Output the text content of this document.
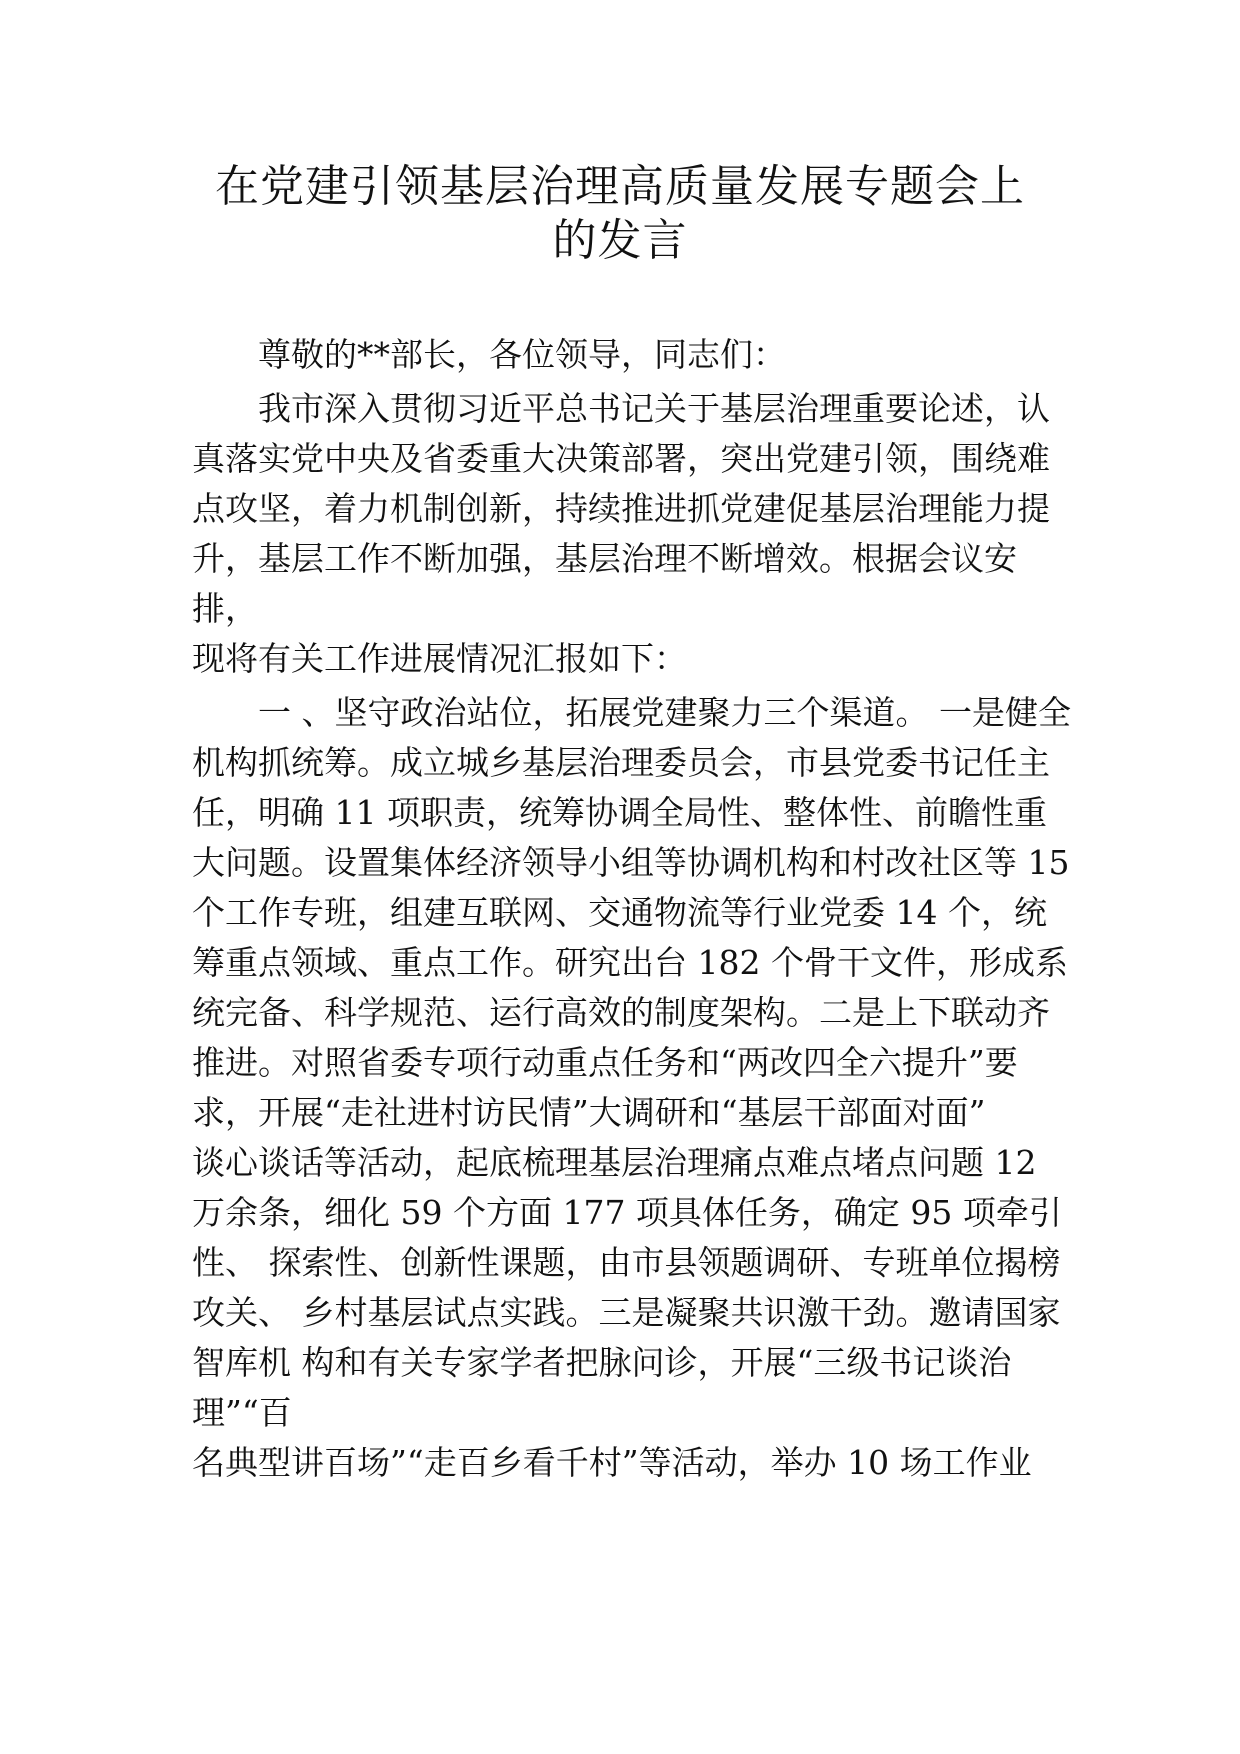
在党建引领基层治理高质量发展专题会上
的发言
尊敬的**部长，各位领导，同志们：
我市深入贯彻习近平总书记关于基层治理重要论述，认
真落实党中央及省委重大决策部署，突出党建引领，围绕难
点攻坚，着力机制创新，持续推进抓党建促基层治理能力提
升，基层工作不断加强，基层治理不断增效。根据会议安
排，
现将有关工作进展情况汇报如下：
一 、坚守政治站位，拓展党建聚力三个渠道。 一是健全
机构抓统筹。成立城乡基层治理委员会，市县党委书记任主
任，明确 11 项职责，统筹协调全局性、整体性、前瞻性重
大问题。设置集体经济领导小组等协调机构和村改社区等 15
个工作专班，组建互联网、交通物流等行业党委 14 个，统
筹重点领域、重点工作。研究出台 182 个骨干文件，形成系
统完备、科学规范、运行高效的制度架构。二是上下联动齐
推进。对照省委专项行动重点任务和“两改四全六提升”要
求，开展“走社进村访民情”大调研和“基层干部面对面”
谈心谈话等活动，起底梳理基层治理痛点难点堵点问题 12
万余条，细化 59 个方面 177 项具体任务，确定 95 项牵引
性、 探索性、创新性课题，由市县领题调研、专班单位揭榜
攻关、 乡村基层试点实践。三是凝聚共识激干劲。邀请国家
智库机 构和有关专家学者把脉问诊，开展“三级书记谈治
理”“百
名典型讲百场”“走百乡看千村”等活动，举办 10 场工作业
